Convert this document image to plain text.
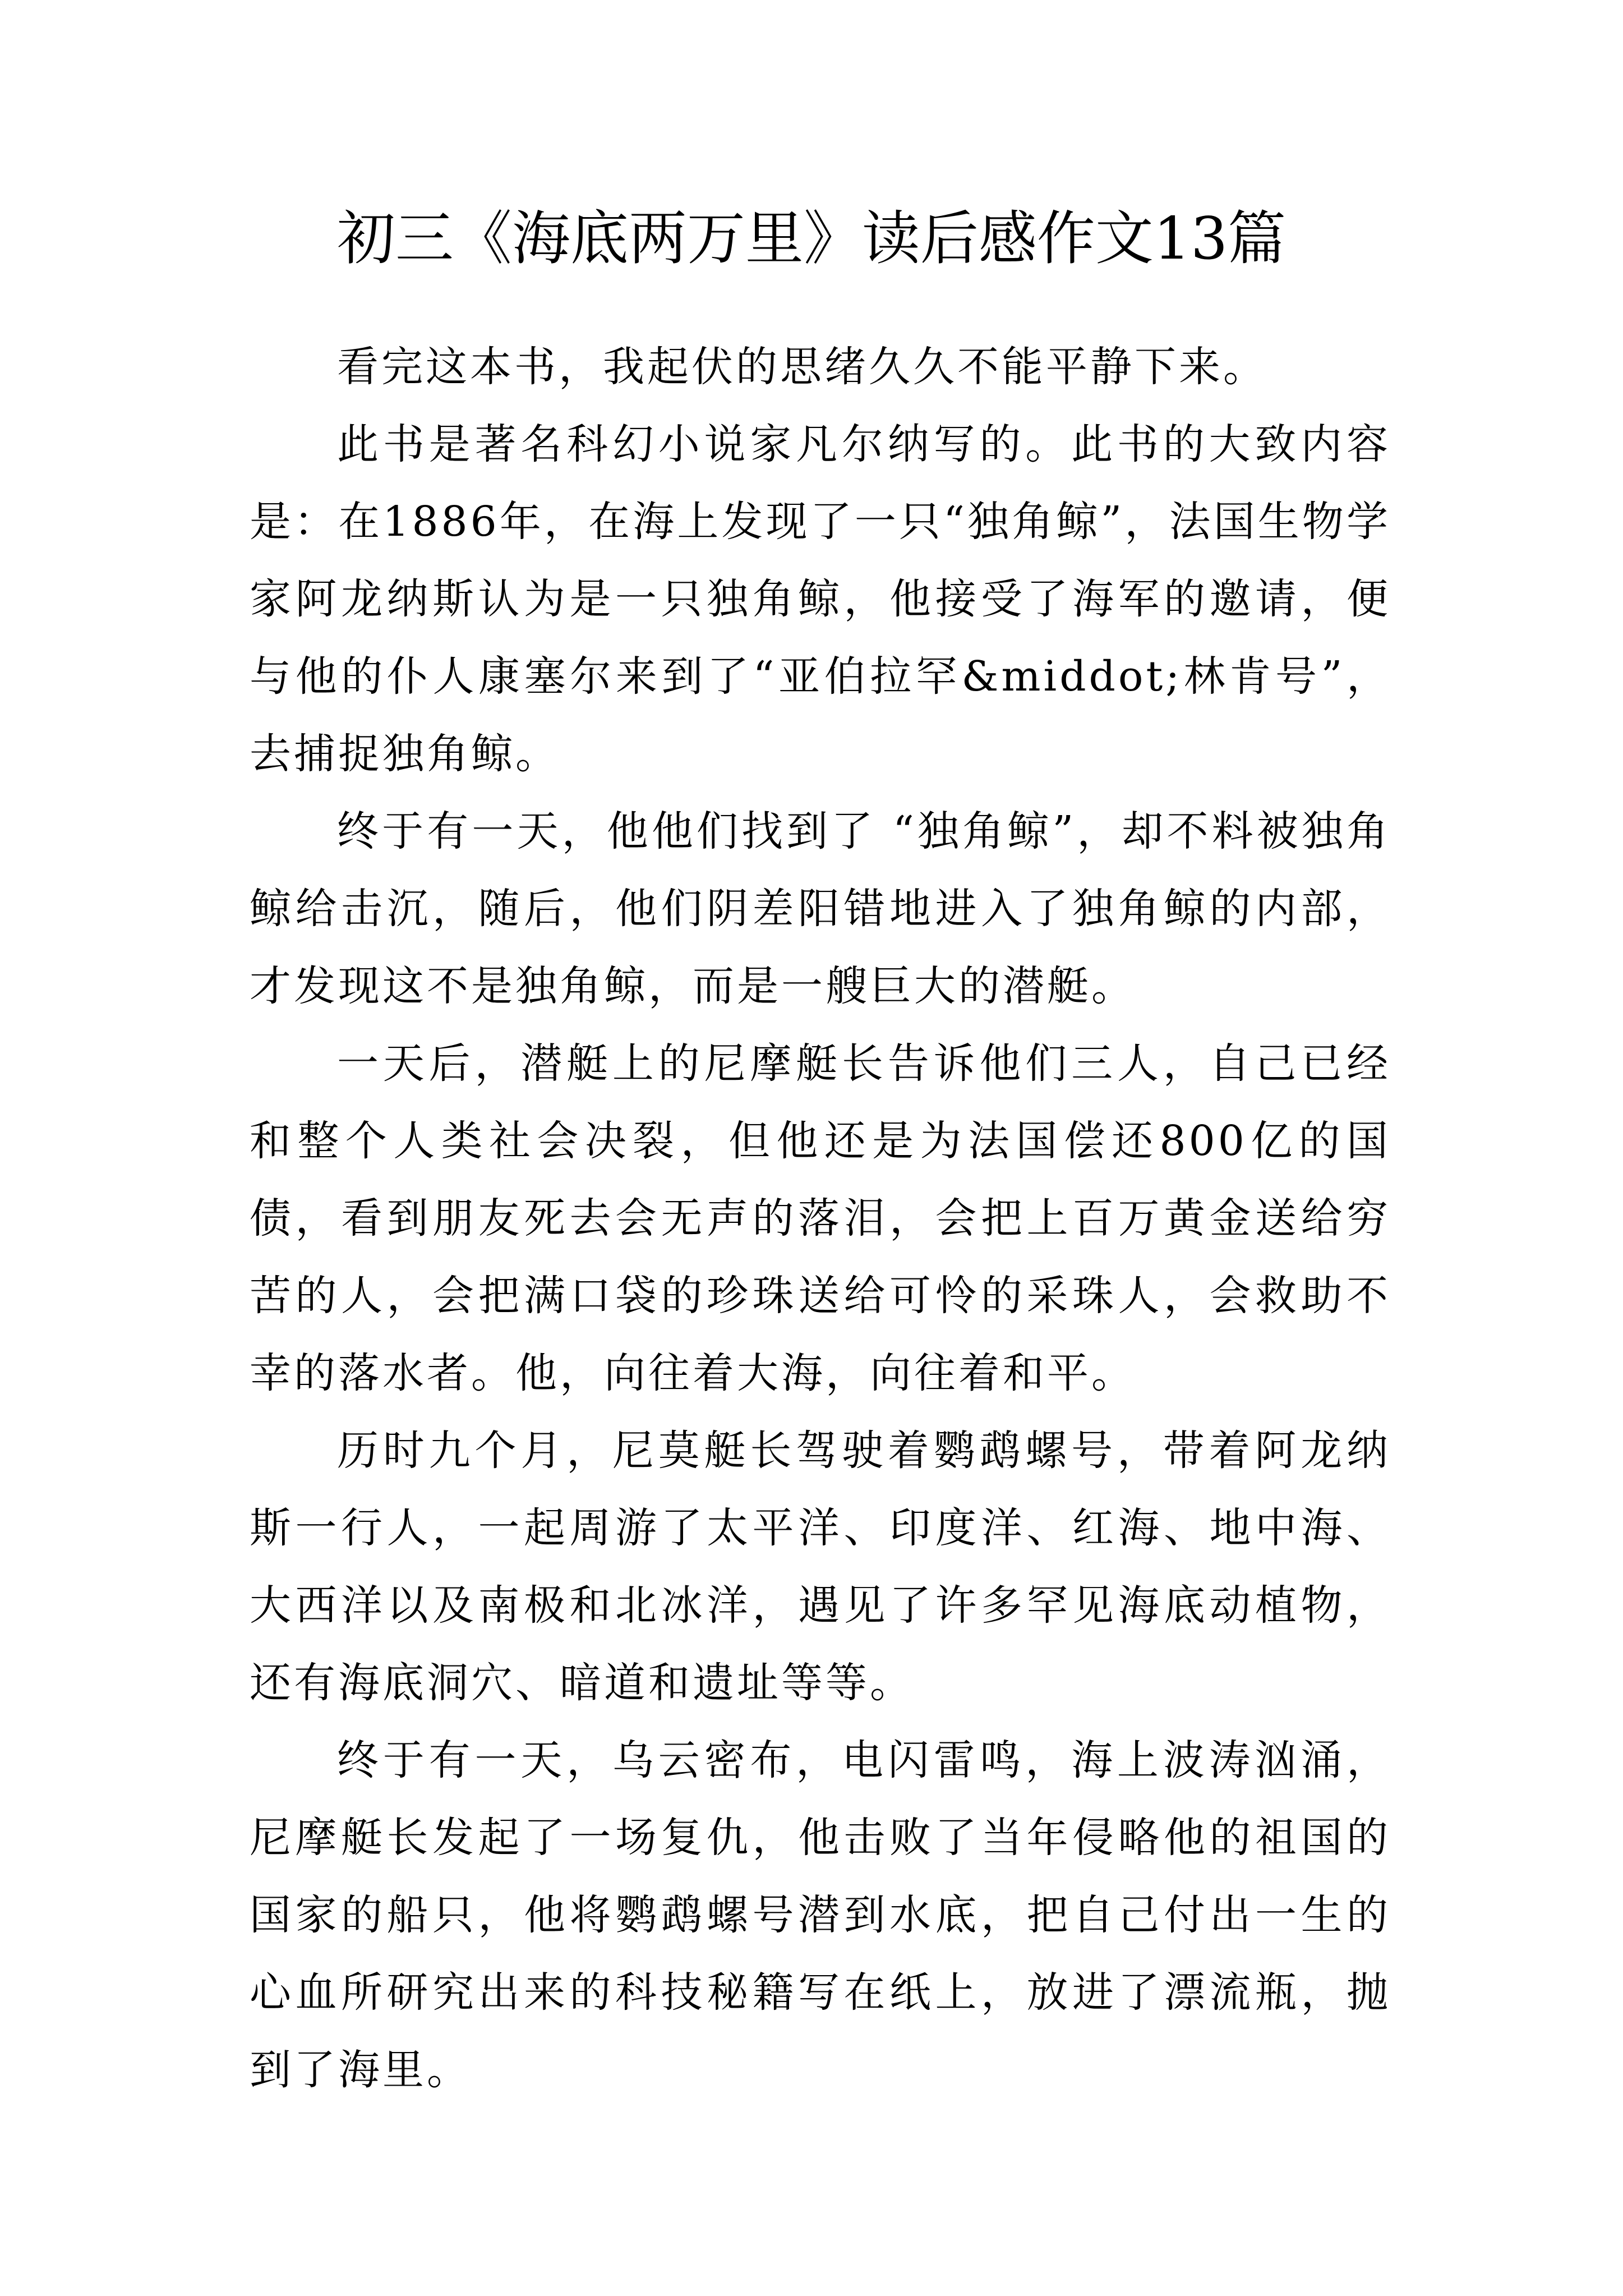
初三《海底两万里》读后感作文13篇

看完这本书，我起伏的思绪久久不能平静下来。

此书是著名科幻小说家凡尔纳写的。此书的大致内容是：在1886年，在海上发现了一只“独角鲸”，法国生物学家阿龙纳斯认为是一只独角鲸，他接受了海军的邀请，便与他的仆人康塞尔来到了“亚伯拉罕&middot;林肯号”，去捕捉独角鲸。

终于有一天，他他们找到了 “独角鲸”，却不料被独角鲸给击沉，随后，他们阴差阳错地进入了独角鲸的内部，才发现这不是独角鲸，而是一艘巨大的潜艇。

一天后，潜艇上的尼摩艇长告诉他们三人，自己已经和整个人类社会决裂，但他还是为法国偿还800亿的国债，看到朋友死去会无声的落泪，会把上百万黄金送给穷苦的人，会把满口袋的珍珠送给可怜的采珠人，会救助不幸的落水者。他，向往着大海，向往着和平。

历时九个月，尼莫艇长驾驶着鹦鹉螺号，带着阿龙纳斯一行人，一起周游了太平洋、印度洋、红海、地中海、大西洋以及南极和北冰洋，遇见了许多罕见海底动植物，还有海底洞穴、暗道和遗址等等。

终于有一天，乌云密布，电闪雷鸣，海上波涛汹涌，尼摩艇长发起了一场复仇，他击败了当年侵略他的祖国的国家的船只，他将鹦鹉螺号潜到水底，把自己付出一生的心血所研究出来的科技秘籍写在纸上，放进了漂流瓶，抛到了海里。
